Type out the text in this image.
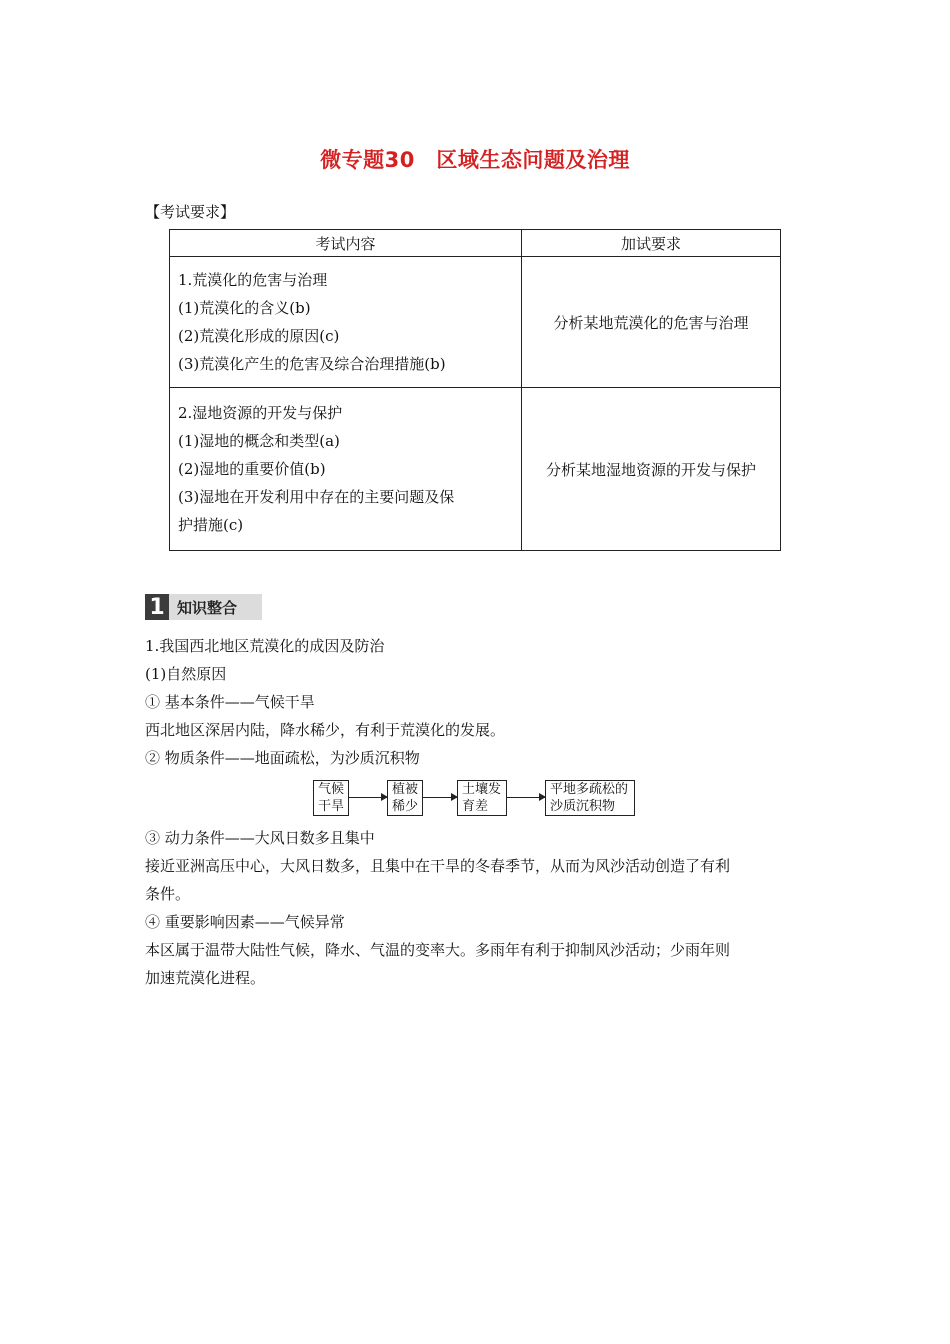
微专题30　区域生态问题及治理
【考试要求】
考试内容	加试要求

1.荒漠化的危害与治理
(1)荒漠化的含义(b)
(2)荒漠化形成的原因(c)
(3)荒漠化产生的危害及综合治理措施(b)	分析某地荒漠化的危害与治理

2.湿地资源的开发与保护
(1)湿地的概念和类型(a)
(2)湿地的重要价值(b)
(3)湿地在开发利用中存在的主要问题及保
护措施(c)	分析某地湿地资源的开发与保护
1 知识整合
1.我国西北地区荒漠化的成因及防治
(1)自然原因
① 基本条件——气候干旱
西北地区深居内陆，降水稀少，有利于荒漠化的发展。
② 物质条件——地面疏松，为沙质沉积物
气候
干旱
植被
稀少
土壤发
育差
平地多疏松的
沙质沉积物
③ 动力条件——大风日数多且集中
接近亚洲高压中心，大风日数多，且集中在干旱的冬春季节，从而为风沙活动创造了有利
条件。
④ 重要影响因素——气候异常
本区属于温带大陆性气候，降水、气温的变率大。多雨年有利于抑制风沙活动；少雨年则
加速荒漠化进程。
